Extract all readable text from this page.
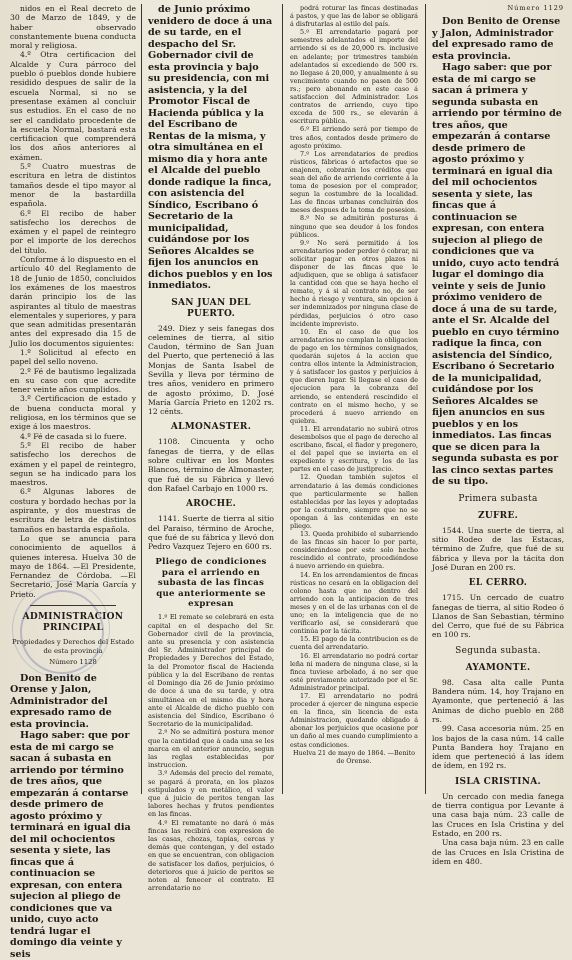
nidos en el Real decreto de 30 de Marzo de 1849, y de haber observado constantemente buena conducta moral y religiosa.

4.º Otra certificacion del Alcalde y Cura párroco del pueblo ó pueblos donde hubiere residido despues de salir de la escuela Normal, si no se presentase exámen al concluir sus estudios. En el caso de no ser el candidato procedente de la escuela Normal, bastará esta certificacion que comprenderá los dos años anteriores al exámen.

5.º Cuatro muestras de escritura en letra de distintos tamaños desde el tipo mayor al menor de la bastardilla española.

6.º El recibo de haber satisfecho los derechos de exámen y el papel de reintegro por el importe de los derechos del título.

Conforme á lo dispuesto en el artículo 40 del Reglamento de 18 de Junio de 1850, concluidos los exámenes de los maestros darán principio los de las aspirantes al título de maestras elementales y superiores, y para que sean admitidas presentarán antes del expresado dia 15 de Julio los documentos siguientes:

1.º Solicitud al efecto en papel del sello noveno.

2.º Fé de bautismo legalizada en su caso con que acredite tener veinte años cumplidos.

3.º Certificacion de estado y de buena conducta moral y religiosa, en los términos que se exige á los maestros.

4.º Fé de casada si lo fuere.

5.º El recibo de haber satisfecho los derechos de exámen y el papel de reintegro, segun se ha indicado para los maestros.

6.º Algunas labores de costura y bordado hechas por la aspirante, y dos muestras de escritura de letra de distintos tamaños en bastarda española.

Lo que se anuncia para conocimiento de aquellos á quienes interesa. Huelva 30 de mayo de 1864. —El Presidente, Fernandez de Córdoba. —El Secretario, José María García y Prieto.

ADMINISTRACION PRINCIPAL

Propiedades y Derechos del Estado de esta provincia

Número 1128

Don Benito de Orense y Jalon, Administrador del expresado ramo de esta provincia.

Hago saber: que por esta de mi cargo se sacan á subasta en arriendo por término de tres años, que empezarán á contarse desde primero de agosto próximo y terminará en igual dia del mil ochocientos sesenta y siete, las fincas que á continuacion se expresan, con entera sujecion al pliego de condiciones que va unido, cuyo acto tendrá lugar el domingo dia veinte y seis

de Junio próximo venidero de doce á una de su tarde, en el despacho del Sr. Gobernador civil de esta provincia y bajo su presidencia, con mi asistencia, y la del Promotor Fiscal de Hacienda pública y la del Escribano de Rentas de la misma, y otra simultánea en el mismo dia y hora ante el Alcalde del pueblo donde radique la finca, con asistencia del Síndico, Escribano ó Secretario de la municipalidad, cuidándose por los Señores Alcaldes se fijen los anuncios en dichos pueblos y en los inmediatos.

SAN JUAN DEL PUERTO.

249. Diez y seis fanegas dos celemines de tierra, al sitio Caudon, término de San Juan del Puerto, que perteneció á las Monjas de Santa Isabel de Sevilla y lleva por término de tres años, venidero en primero de agosto próximo, D. José María García Prieto en 1202 rs. 12 cénts.

ALMONASTER.

1108. Cincuenta y ocho fanegas de tierra, y de ellas sobre cultivar en los Montes Blancos, término de Almonaster, que fué de su Fábrica y llevó don Rafael Carbajo en 1000 rs.

AROCHE.

1141. Suerte de tierra al sitio del Paraiso, término de Aroche, que fué de su fábrica y llevó don Pedro Vazquez Tejero en 600 rs.

Pliego de condiciones para el arriendo en subasta de las fincas que anteriormente se expresan

1.º El remate se celebrará en esta capital en el despacho del Sr. Gobernador civil de la provincia, ante su presencia y con asistencia del Sr. Administrador principal de Propiedades y Derechos del Estado, la del Promotor fiscal de Hacienda pública y la del Escribano de rentas el Domingo dia 26 de Junio próximo de doce á una de su tarde, y otra simultánea en el mismo dia y hora ante el Alcalde de dicho pueblo con asistencia del Síndico, Escribano ó Secretario de la municipalidad.

2.º No se admitirá postura menor que la cantidad que á cada una se les marca en el anterior anuncio, segun las reglas establecidas por instruccion.

3.º Además del precio del remate, se pagará á prorata, en los plazos estipulados y en metálico, el valor que á juicio de peritos tengan las labores hechas y frutos pendientes en las fincas.

4.º El rematante no dará ó más fincas las recibirá con expresion de las casas, chozas, tapias, cercas y demás que contengan, y del estado en que se encuentran, con obligacion de satisfacer los daños, perjuicios, ó deterioros que á juicio de peritos se noten al fenecer el contrato. El arrendatario no

podrá roturar las fincas destinadas á pastos, y que las de labor se obligará á disfrutarlas al estilo del país.

5.º El arrendatario pagará por semestres adelantados el importe del arriendo si es de 20,000 rs. inclusive en adelante; por trimestres también adelantados si excediendo de 500 rs. no llegase á 20,000, y anualmente á su vencimiento cuando no pasen de 500 rs.; pero abonando en este caso á satisfaccion del Administrador. Los contratos de arriendo, cuyo tipo exceda de 500 rs., se elevarán á escritura pública.

6.º El arriendo será por tiempo de tres años, contados desde primero de agosto próximo.

7.º Los arrendatarios de predios rústicos, fábricas ó artefactos que se enajenen, cobrarán los créditos que sean del año de arriendo corriente á la toma de posesion por el comprador, segun la costumbre de la localidad. Las de fincas urbanas concluirán dos meses despues de la toma de posesion.

8.º No se admitirán posturas á ninguno que sea deudor á los fondos públicos.

9.º No será permitido á los arrendatarios poder perder ó cobrar, ni solicitar pagar en otros plazos ni disponer de las fincas que le adjudiquen, que se obliga á satisfacer la cantidad con que se haya hecho el remate, y á si al contrato no, de ser hecho á riesgo y ventura, sin opcion á ser indemnizados por ninguna clase de pérdidas, perjuicios ó otro caso incidente imprevisto.

10. En el caso de que los arrendatarios no cumplan la obligacion de pago en los términos consignados, quedarán sujetos á la accion que contra ellos intente la Administracion, y á satisfacer los gastos y perjuicios á que dieren lugar. Si llegase el caso de ejecucion para la cobranza del arriendo, se entenderá rescindido el contrato en el mismo hecho, y se procederá á nuevo arriendo en quiebra.

11. El arrendatario no subirá otros desembolsos que el pago de derecho al escribano, fiscal, el fiador y pregonero, el del papel que se invierta en el expediente y escritura, y los de las partes en el caso de justiprecio.

12. Quedan también sujetos el arrendatario á las demás condiciones que particularmente se hallen establecidas por las leyes y adoptadas por la costumbre, siempre que no se opongan á las contenidas en este pliego.

13. Queda prohibido el subarriendo de las fincas sin hacer lo por parte, considerándose por este solo hecho rescindido el contrato, procediéndose á nuevo arriendo en quiebra.

14. En los arrendamientos de fincas rústicas no cesará en la obligacion del colono hasta que no dentro del arriendo con la anticipacion de tres meses y en el de las urbanas con el de uno; en la inteligencia que de no verificarlo así, se considerará que continúa por la tácita.

15. El pago de la contribucion es de cuenta del arrendatario.

16. El arrendatario no podrá cortar leña ni madera de ninguna clase, si la finca tuviese arbolado, á no ser que esté previamente autorizado por el Sr. Administrador principal.

17. El arrendatario no podrá proceder á ejercer de ninguna especie en la finca, sin licencia de esta Administracion, quedando obligado á abonar los perjuicios que ocasione por un daño al mes cuando cumplimiento a estas condiciones.

Huelva 21 de mayo de 1864. —Benito de Orense.

Número 1129

Don Benito de Orense y Jalon, Administrador del expresado ramo de esta provincia.

Hago saber: que por esta de mi cargo se sacan á primera y segunda subasta en arriendo por término de tres años, que empezarán á contarse desde primero de agosto próximo y terminará en igual dia del mil ochocientos sesenta y siete, las fincas que á continuacion se expresan, con entera sujecion al pliego de condiciones que va unido, cuyo acto tendrá lugar el domingo dia veinte y seis de Junio próximo venidero de doce á una de su tarde, ante el Sr. Alcalde del pueblo en cuyo término radique la finca, con asistencia del Síndico, Escribano ó Secretario de la municipalidad, cuidándose por los Señores Alcaldes se fijen anuncios en sus pueblos y en los inmediatos. Las fincas que se dicen para la segunda subasta es por las cinco sextas partes de su tipo.

Primera subasta

ZUFRE.

1544. Una suerte de tierra, al sitio Rodeo de las Estacas, término de Zufre, que fué de su fábrica y lleva por la tácita don José Duran en 200 rs.

EL CERRO.

1715. Un cercado de cuatro fanegas de tierra, al sitio Rodeo ó Llanos de San Sebastian, término del Cerro, que fué de su Fábrica en 100 rs.

Segunda subasta.

AYAMONTE.

98. Casa alta calle Punta Bandera núm. 14, hoy Trajano en Ayamonte, que perteneció á las Animas de dicho pueblo en 288 rs.

99. Casa accesoria núm. 25 en los bajos de la casa núm. 14 calle Punta Bandera hoy Trajano en ídem que perteneció á las ídem de ídem, en 192 rs.

ISLA CRISTINA.

Un cercado con media fanega de tierra contigua por Levante á una casa baja núm. 23 calle de las Cruces en Isla Cristina y del Estado, en 200 rs.

Una casa baja núm. 23 en calle de las Cruces en Isla Cristina de ídem en 480.
